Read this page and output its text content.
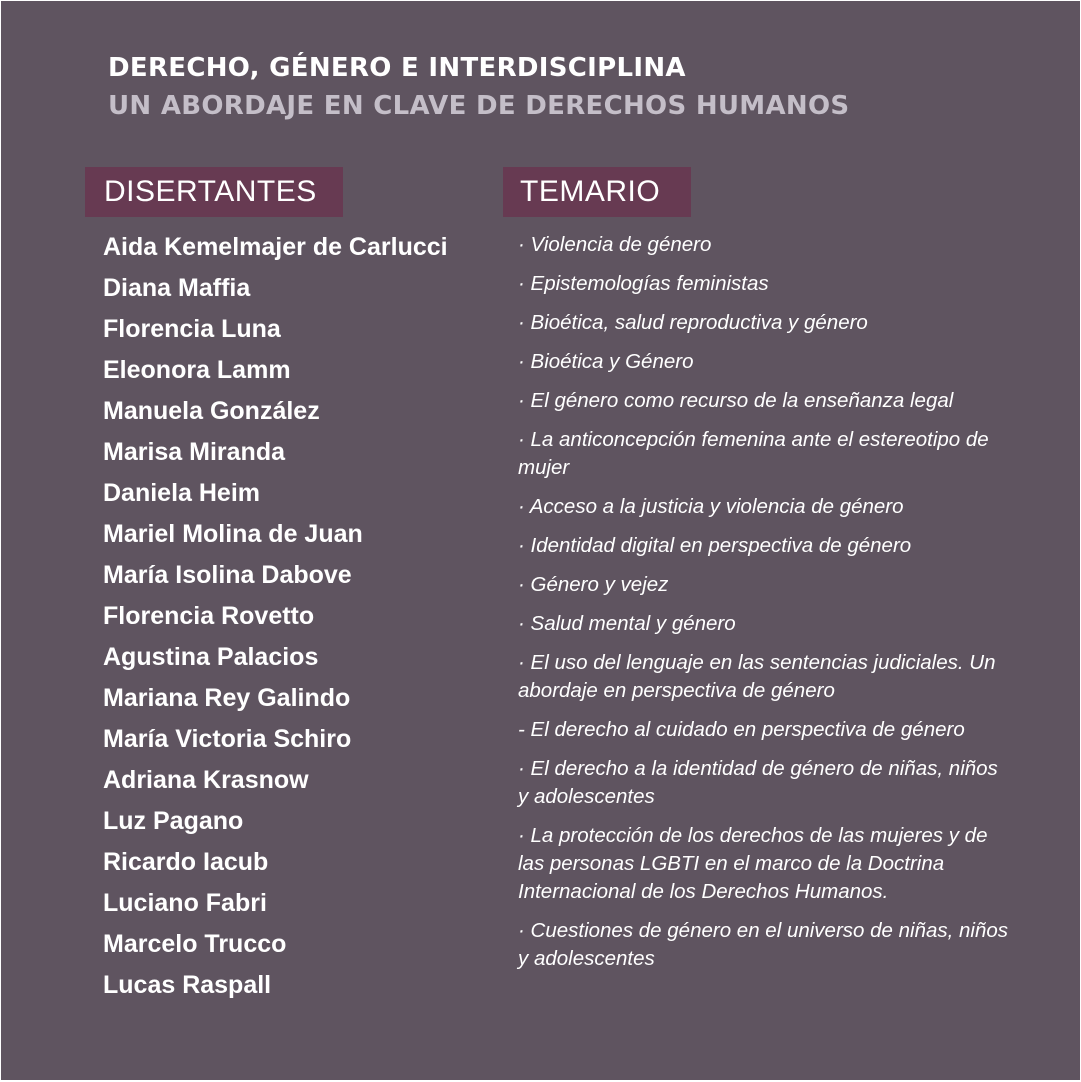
DERECHO, GÉNERO E INTERDISCIPLINA
UN ABORDAJE EN CLAVE DE DERECHOS HUMANOS
DISERTANTES	TEMARIO
Aida Kemelmajer de Carlucci
Diana Maffia
Florencia Luna
Eleonora Lamm
Manuela González
Marisa Miranda
Daniela Heim
Mariel Molina de Juan
María Isolina Dabove
Florencia Rovetto
Agustina Palacios
Mariana Rey Galindo
María Victoria Schiro
Adriana Krasnow
Luz Pagano
Ricardo Iacub
Luciano Fabri
Marcelo Trucco
Lucas Raspall
· Violencia de género
· Epistemologías feministas
· Bioética, salud reproductiva y género
· Bioética y Género
· El género como recurso de la enseñanza legal
· La anticoncepción femenina ante el estereotipo de mujer
· Acceso a la justicia y violencia de género
· Identidad digital en perspectiva de género
· Género y vejez
· Salud mental y género
· El uso del lenguaje en las sentencias judiciales. Un abordaje en perspectiva de género
- El derecho al cuidado en perspectiva de género
· El derecho a la identidad de género de niñas, niños y adolescentes
· La protección de los derechos de las mujeres y de las personas LGBTI en el marco de la Doctrina Internacional de los Derechos Humanos.
· Cuestiones de género en el universo de niñas, niños y adolescentes
